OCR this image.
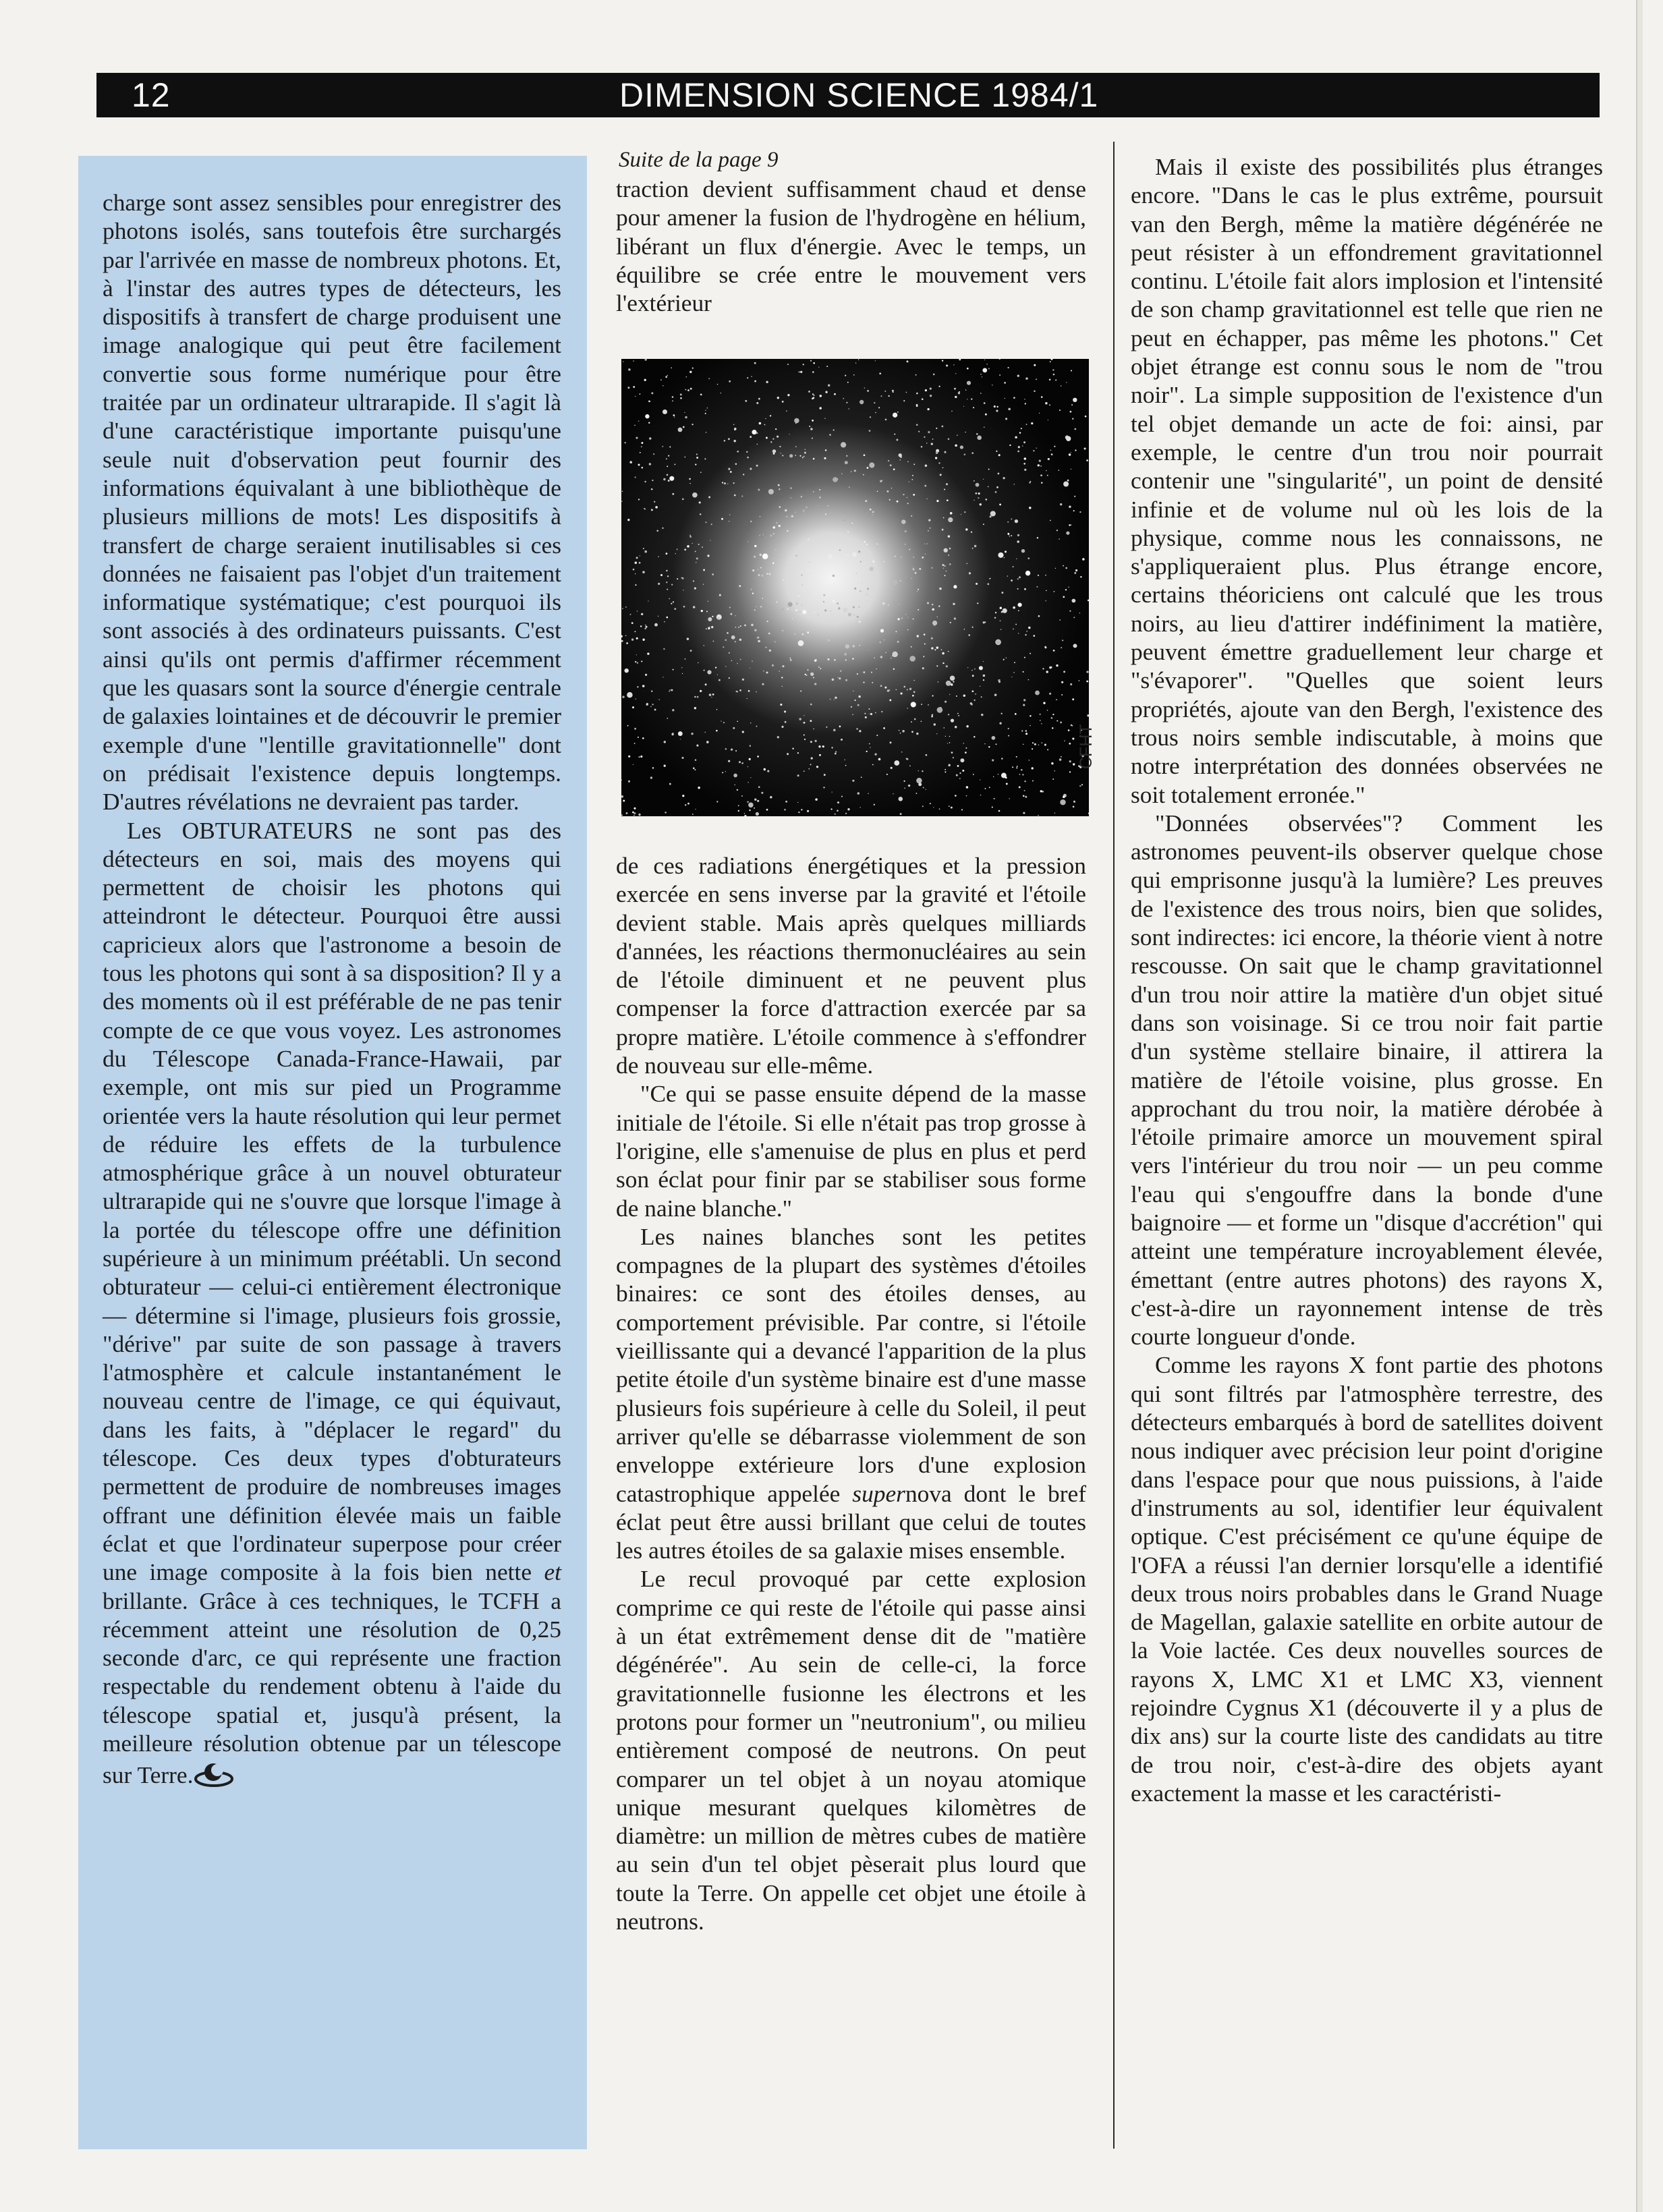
12	DIMENSION SCIENCE 1984/1

charge sont assez sensibles pour enregistrer des photons isolés, sans toutefois être surchargés par l'arrivée en masse de nombreux photons. Et, à l'instar des autres types de détecteurs, les dispositifs à transfert de charge produisent une image analogique qui peut être facilement convertie sous forme numérique pour être traitée par un ordinateur ultrarapide. Il s'agit là d'une caractéristique importante puisqu'une seule nuit d'observation peut fournir des informations équivalant à une bibliothèque de plusieurs millions de mots! Les dispositifs à transfert de charge seraient inutilisables si ces données ne faisaient pas l'objet d'un traitement informatique systématique; c'est pourquoi ils sont associés à des ordinateurs puissants. C'est ainsi qu'ils ont permis d'affirmer récemment que les quasars sont la source d'énergie centrale de galaxies lointaines et de découvrir le premier exemple d'une "lentille gravitationnelle" dont on prédisait l'existence depuis longtemps. D'autres révélations ne devraient pas tarder.

Les OBTURATEURS ne sont pas des détecteurs en soi, mais des moyens qui permettent de choisir les photons qui atteindront le détecteur. Pourquoi être aussi capricieux alors que l'astronome a besoin de tous les photons qui sont à sa disposition? Il y a des moments où il est préférable de ne pas tenir compte de ce que vous voyez. Les astronomes du Télescope Canada-France-Hawaii, par exemple, ont mis sur pied un Programme orientée vers la haute résolution qui leur permet de réduire les effets de la turbulence atmosphérique grâce à un nouvel obturateur ultrarapide qui ne s'ouvre que lorsque l'image à la portée du télescope offre une définition supérieure à un minimum préétabli. Un second obturateur — celui-ci entièrement électronique — détermine si l'image, plusieurs fois grossie, "dérive" par suite de son passage à travers l'atmosphère et calcule instantanément le nouveau centre de l'image, ce qui équivaut, dans les faits, à "déplacer le regard" du télescope. Ces deux types d'obturateurs permettent de produire de nombreuses images offrant une définition élevée mais un faible éclat et que l'ordinateur superpose pour créer une image composite à la fois bien nette et brillante. Grâce à ces techniques, le TCFH a récemment atteint une résolution de 0,25 seconde d'arc, ce qui représente une fraction respectable du rendement obtenu à l'aide du télescope spatial et, jusqu'à présent, la meilleure résolution obtenue par un télescope sur Terre.

Suite de la page 9

traction devient suffisamment chaud et dense pour amener la fusion de l'hydrogène en hélium, libérant un flux d'énergie. Avec le temps, un équilibre se crée entre le mouvement vers l'extérieur

CFHT

de ces radiations énergétiques et la pression exercée en sens inverse par la gravité et l'étoile devient stable. Mais après quelques milliards d'années, les réactions thermonucléaires au sein de l'étoile diminuent et ne peuvent plus compenser la force d'attraction exercée par sa propre matière. L'étoile commence à s'effondrer de nouveau sur elle-même.

"Ce qui se passe ensuite dépend de la masse initiale de l'étoile. Si elle n'était pas trop grosse à l'origine, elle s'amenuise de plus en plus et perd son éclat pour finir par se stabiliser sous forme de naine blanche."

Les naines blanches sont les petites compagnes de la plupart des systèmes d'étoiles binaires: ce sont des étoiles denses, au comportement prévisible. Par contre, si l'étoile vieillissante qui a devancé l'apparition de la plus petite étoile d'un système binaire est d'une masse plusieurs fois supérieure à celle du Soleil, il peut arriver qu'elle se débarrasse violemment de son enveloppe extérieure lors d'une explosion catastrophique appelée supernova dont le bref éclat peut être aussi brillant que celui de toutes les autres étoiles de sa galaxie mises ensemble.

Le recul provoqué par cette explosion comprime ce qui reste de l'étoile qui passe ainsi à un état extrêmement dense dit de "matière dégénérée". Au sein de celle-ci, la force gravitationnelle fusionne les électrons et les protons pour former un "neutronium", ou milieu entièrement composé de neutrons. On peut comparer un tel objet à un noyau atomique unique mesurant quelques kilomètres de diamètre: un million de mètres cubes de matière au sein d'un tel objet pèserait plus lourd que toute la Terre. On appelle cet objet une étoile à neutrons.

Mais il existe des possibilités plus étranges encore. "Dans le cas le plus extrême, poursuit van den Bergh, même la matière dégénérée ne peut résister à un effondrement gravitationnel continu. L'étoile fait alors implosion et l'intensité de son champ gravitationnel est telle que rien ne peut en échapper, pas même les photons." Cet objet étrange est connu sous le nom de "trou noir". La simple supposition de l'existence d'un tel objet demande un acte de foi: ainsi, par exemple, le centre d'un trou noir pourrait contenir une "singularité", un point de densité infinie et de volume nul où les lois de la physique, comme nous les connaissons, ne s'appliqueraient plus. Plus étrange encore, certains théoriciens ont calculé que les trous noirs, au lieu d'attirer indéfiniment la matière, peuvent émettre graduellement leur charge et "s'évaporer". "Quelles que soient leurs propriétés, ajoute van den Bergh, l'existence des trous noirs semble indiscutable, à moins que notre interprétation des données observées ne soit totalement erronée."

"Données observées"? Comment les astronomes peuvent-ils observer quelque chose qui emprisonne jusqu'à la lumière? Les preuves de l'existence des trous noirs, bien que solides, sont indirectes: ici encore, la théorie vient à notre rescousse. On sait que le champ gravitationnel d'un trou noir attire la matière d'un objet situé dans son voisinage. Si ce trou noir fait partie d'un système stellaire binaire, il attirera la matière de l'étoile voisine, plus grosse. En approchant du trou noir, la matière dérobée à l'étoile primaire amorce un mouvement spiral vers l'intérieur du trou noir — un peu comme l'eau qui s'engouffre dans la bonde d'une baignoire — et forme un "disque d'accrétion" qui atteint une température incroyablement élevée, émettant (entre autres photons) des rayons X, c'est-à-dire un rayonnement intense de très courte longueur d'onde.

Comme les rayons X font partie des photons qui sont filtrés par l'atmosphère terrestre, des détecteurs embarqués à bord de satellites doivent nous indiquer avec précision leur point d'origine dans l'espace pour que nous puissions, à l'aide d'instruments au sol, identifier leur équivalent optique. C'est précisément ce qu'une équipe de l'OFA a réussi l'an dernier lorsqu'elle a identifié deux trous noirs probables dans le Grand Nuage de Magellan, galaxie satellite en orbite autour de la Voie lactée. Ces deux nouvelles sources de rayons X, LMC X1 et LMC X3, viennent rejoindre Cygnus X1 (découverte il y a plus de dix ans) sur la courte liste des candidats au titre de trou noir, c'est-à-dire des objets ayant exactement la masse et les caractéristi-
